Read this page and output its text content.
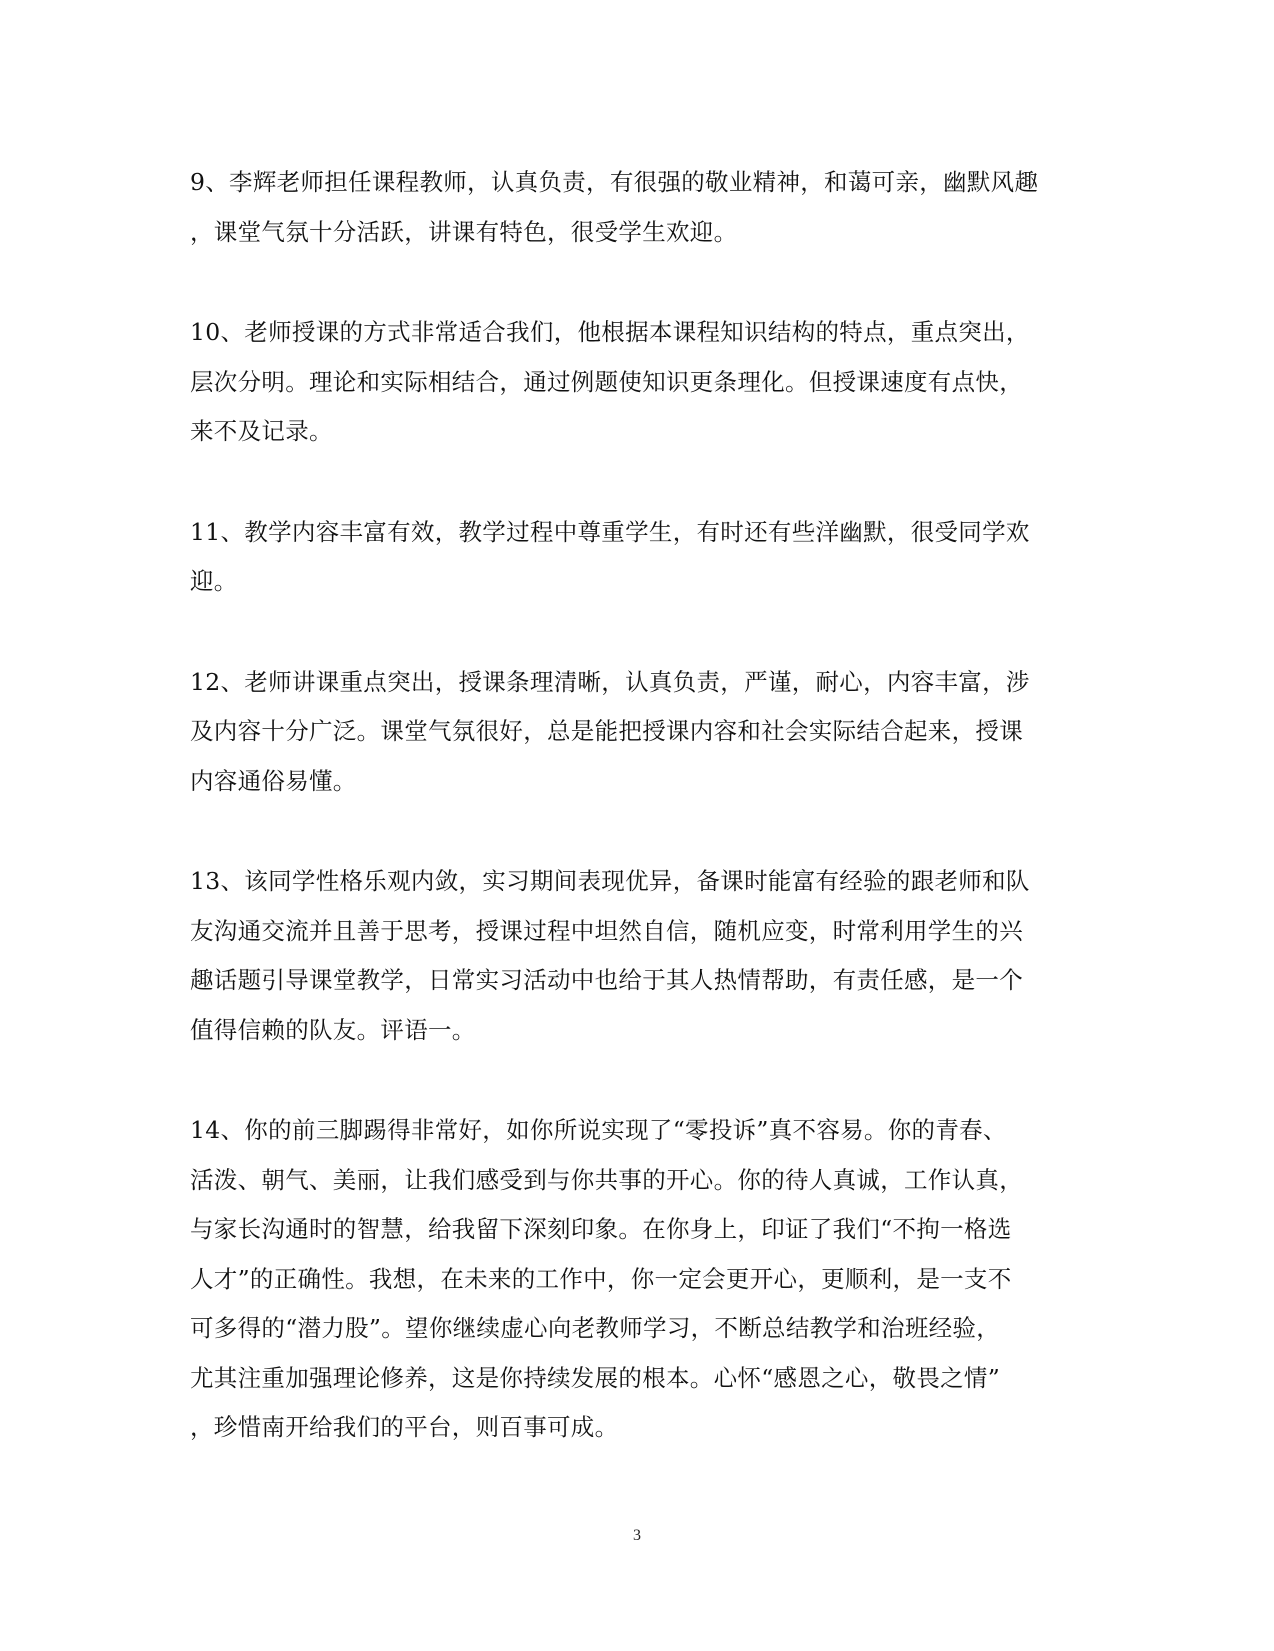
9、李辉老师担任课程教师，认真负责，有很强的敬业精神，和蔼可亲，幽默风趣
，课堂气氛十分活跃，讲课有特色，很受学生欢迎。
10、老师授课的方式非常适合我们，他根据本课程知识结构的特点，重点突出，
层次分明。理论和实际相结合，通过例题使知识更条理化。但授课速度有点快，
来不及记录。
11、教学内容丰富有效，教学过程中尊重学生，有时还有些洋幽默，很受同学欢
迎。
12、老师讲课重点突出，授课条理清晰，认真负责，严谨，耐心，内容丰富，涉
及内容十分广泛。课堂气氛很好，总是能把授课内容和社会实际结合起来，授课
内容通俗易懂。
13、该同学性格乐观内敛，实习期间表现优异，备课时能富有经验的跟老师和队
友沟通交流并且善于思考，授课过程中坦然自信，随机应变，时常利用学生的兴
趣话题引导课堂教学，日常实习活动中也给于其人热情帮助，有责任感，是一个
值得信赖的队友。评语一。
14、你的前三脚踢得非常好，如你所说实现了“零投诉”真不容易。你的青春、
活泼、朝气、美丽，让我们感受到与你共事的开心。你的待人真诚，工作认真，
与家长沟通时的智慧，给我留下深刻印象。在你身上，印证了我们“不拘一格选
人才”的正确性。我想，在未来的工作中，你一定会更开心，更顺利，是一支不
可多得的“潜力股”。望你继续虚心向老教师学习，不断总结教学和治班经验，
尤其注重加强理论修养，这是你持续发展的根本。心怀“感恩之心，敬畏之情”
，珍惜南开给我们的平台，则百事可成。
3
